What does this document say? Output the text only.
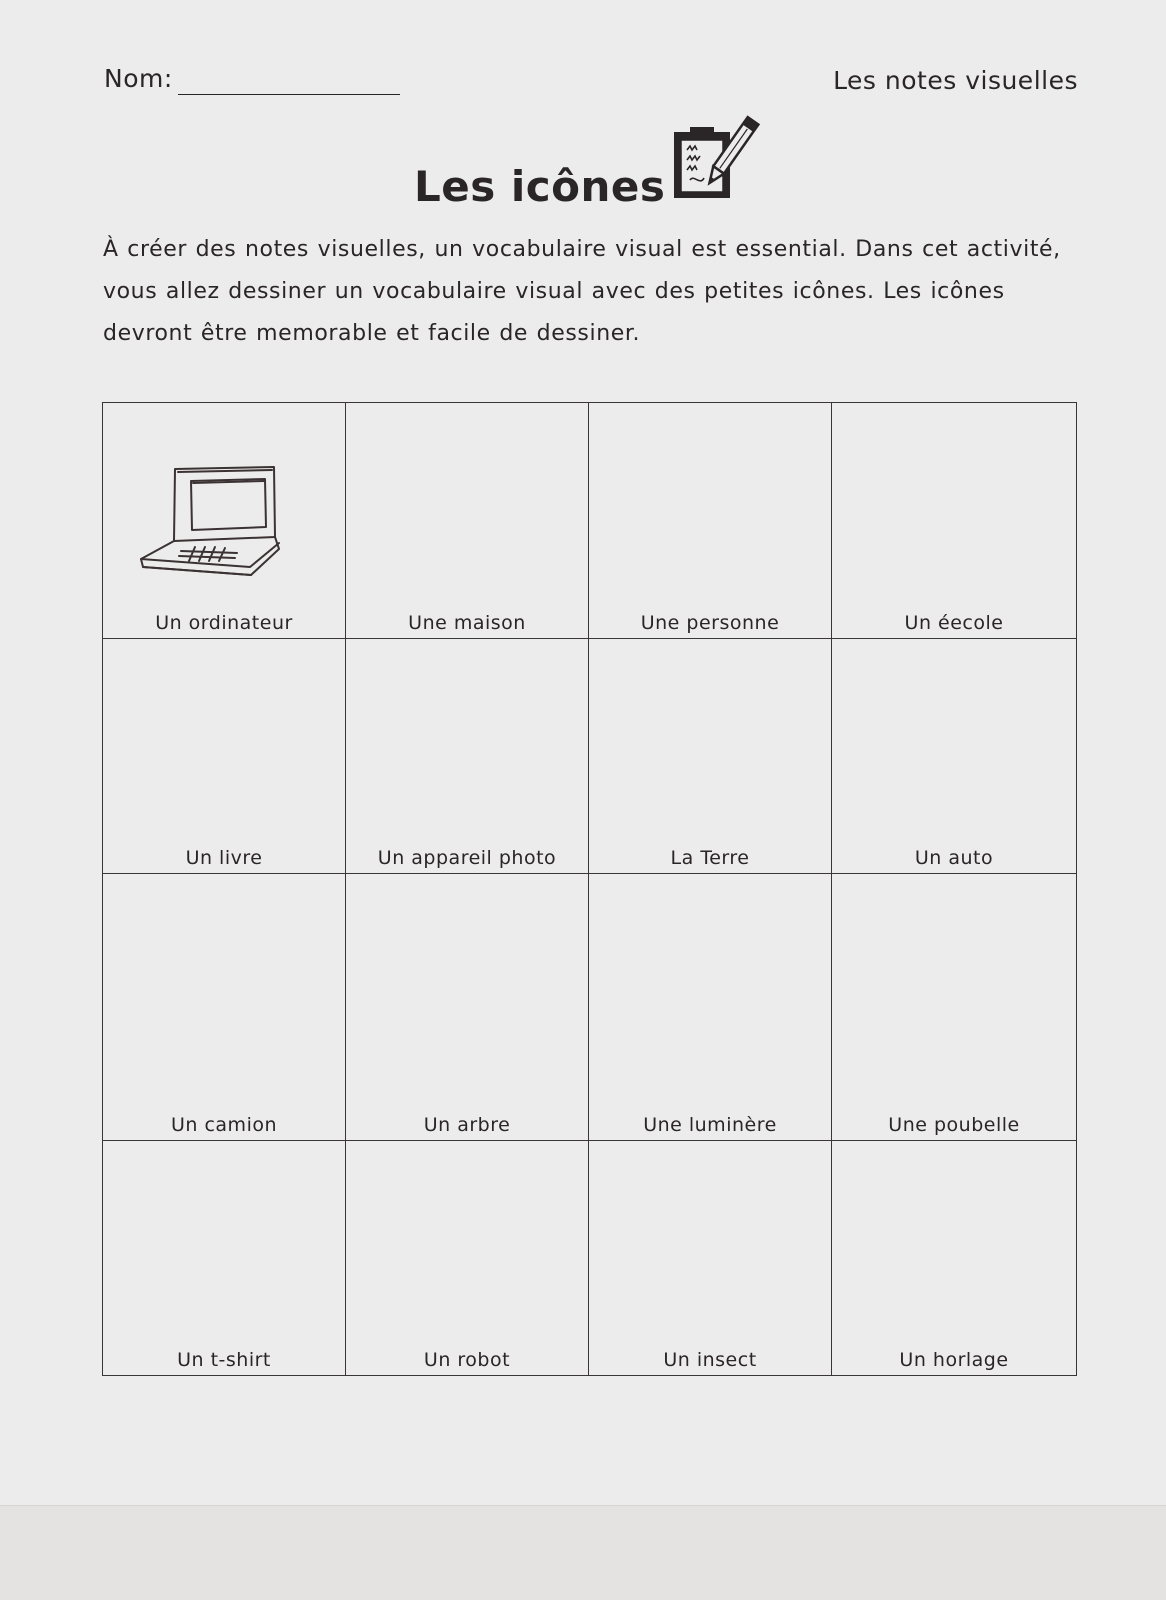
Nom:	Les notes visuelles
Les icônes
À créer des notes visuelles, un vocabulaire visual est essential. Dans cet activité, vous allez dessiner un vocabulaire visual avec des petites icônes. Les icônes devront être memorable et facile de dessiner.
Un ordinateur	Une maison	Une personne	Un éecole
Un livre	Un appareil photo	La Terre	Un auto
Un camion	Un arbre	Une luminère	Une poubelle
Un t-shirt	Un robot	Un insect	Un horlage
